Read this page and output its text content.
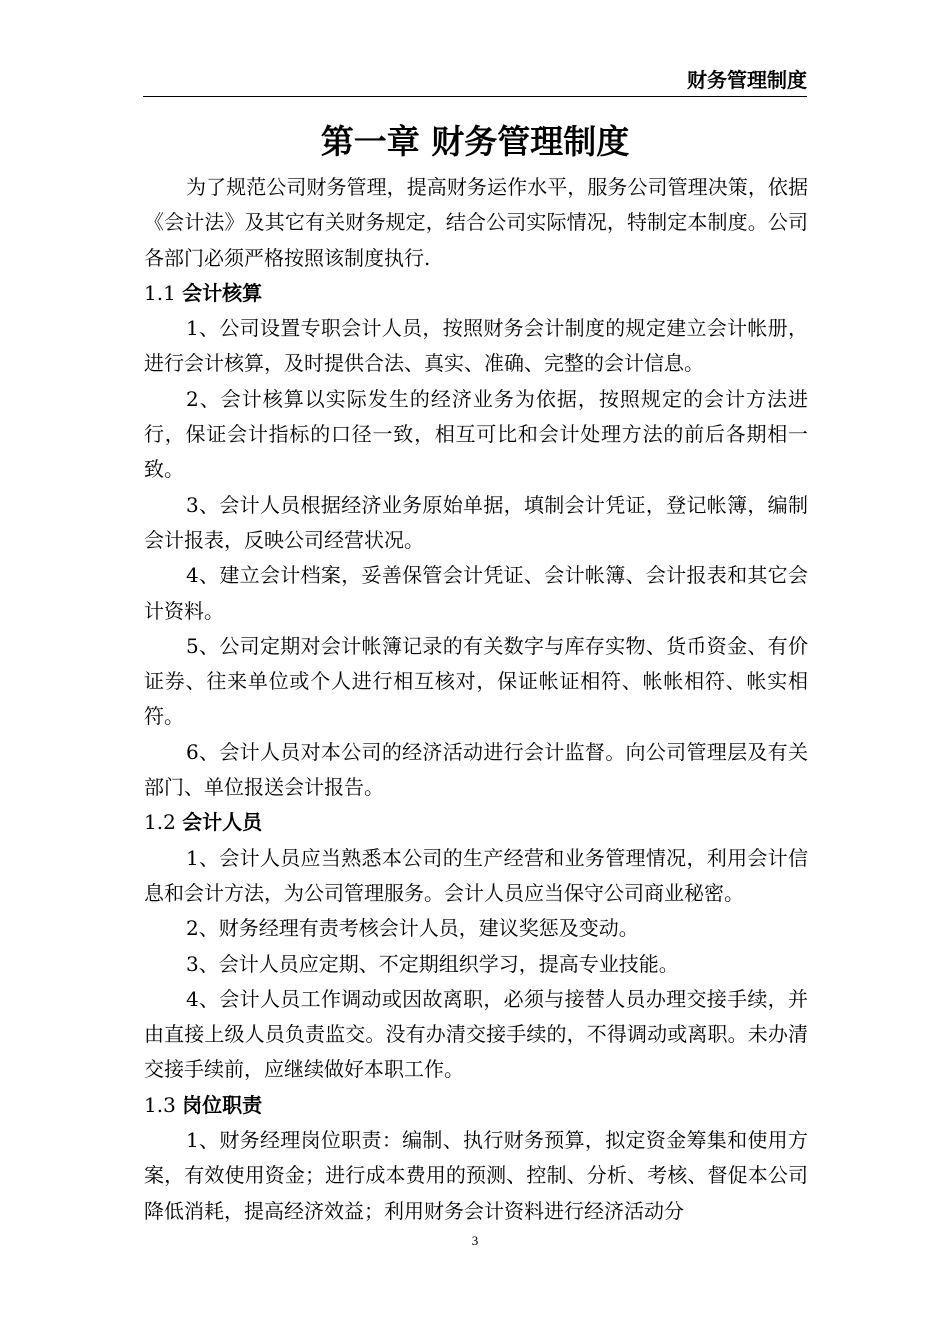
财务管理制度
第一章 财务管理制度

为了规范公司财务管理，提高财务运作水平，服务公司管理决策，依据《会计法》及其它有关财务规定，结合公司实际情况，特制定本制度。公司各部门必须严格按照该制度执行.

1.1 会计核算

1、公司设置专职会计人员，按照财务会计制度的规定建立会计帐册，进行会计核算，及时提供合法、真实、准确、完整的会计信息。

2、会计核算以实际发生的经济业务为依据，按照规定的会计方法进行，保证会计指标的口径一致，相互可比和会计处理方法的前后各期相一致。

3、会计人员根据经济业务原始单据，填制会计凭证，登记帐簿，编制会计报表，反映公司经营状况。

4、建立会计档案，妥善保管会计凭证、会计帐簿、会计报表和其它会计资料。

5、公司定期对会计帐簿记录的有关数字与库存实物、货币资金、有价证券、往来单位或个人进行相互核对，保证帐证相符、帐帐相符、帐实相符。

6、会计人员对本公司的经济活动进行会计监督。向公司管理层及有关部门、单位报送会计报告。

1.2 会计人员

1、会计人员应当熟悉本公司的生产经营和业务管理情况，利用会计信息和会计方法，为公司管理服务。会计人员应当保守公司商业秘密。

2、财务经理有责考核会计人员，建议奖惩及变动。

3、会计人员应定期、不定期组织学习，提高专业技能。

4、会计人员工作调动或因故离职，必须与接替人员办理交接手续，并由直接上级人员负责监交。没有办清交接手续的，不得调动或离职。未办清交接手续前，应继续做好本职工作。

1.3 岗位职责

1、财务经理岗位职责：编制、执行财务预算，拟定资金筹集和使用方案，有效使用资金；进行成本费用的预测、控制、分析、考核、督促本公司降低消耗，提高经济效益；利用财务会计资料进行经济活动分

3
